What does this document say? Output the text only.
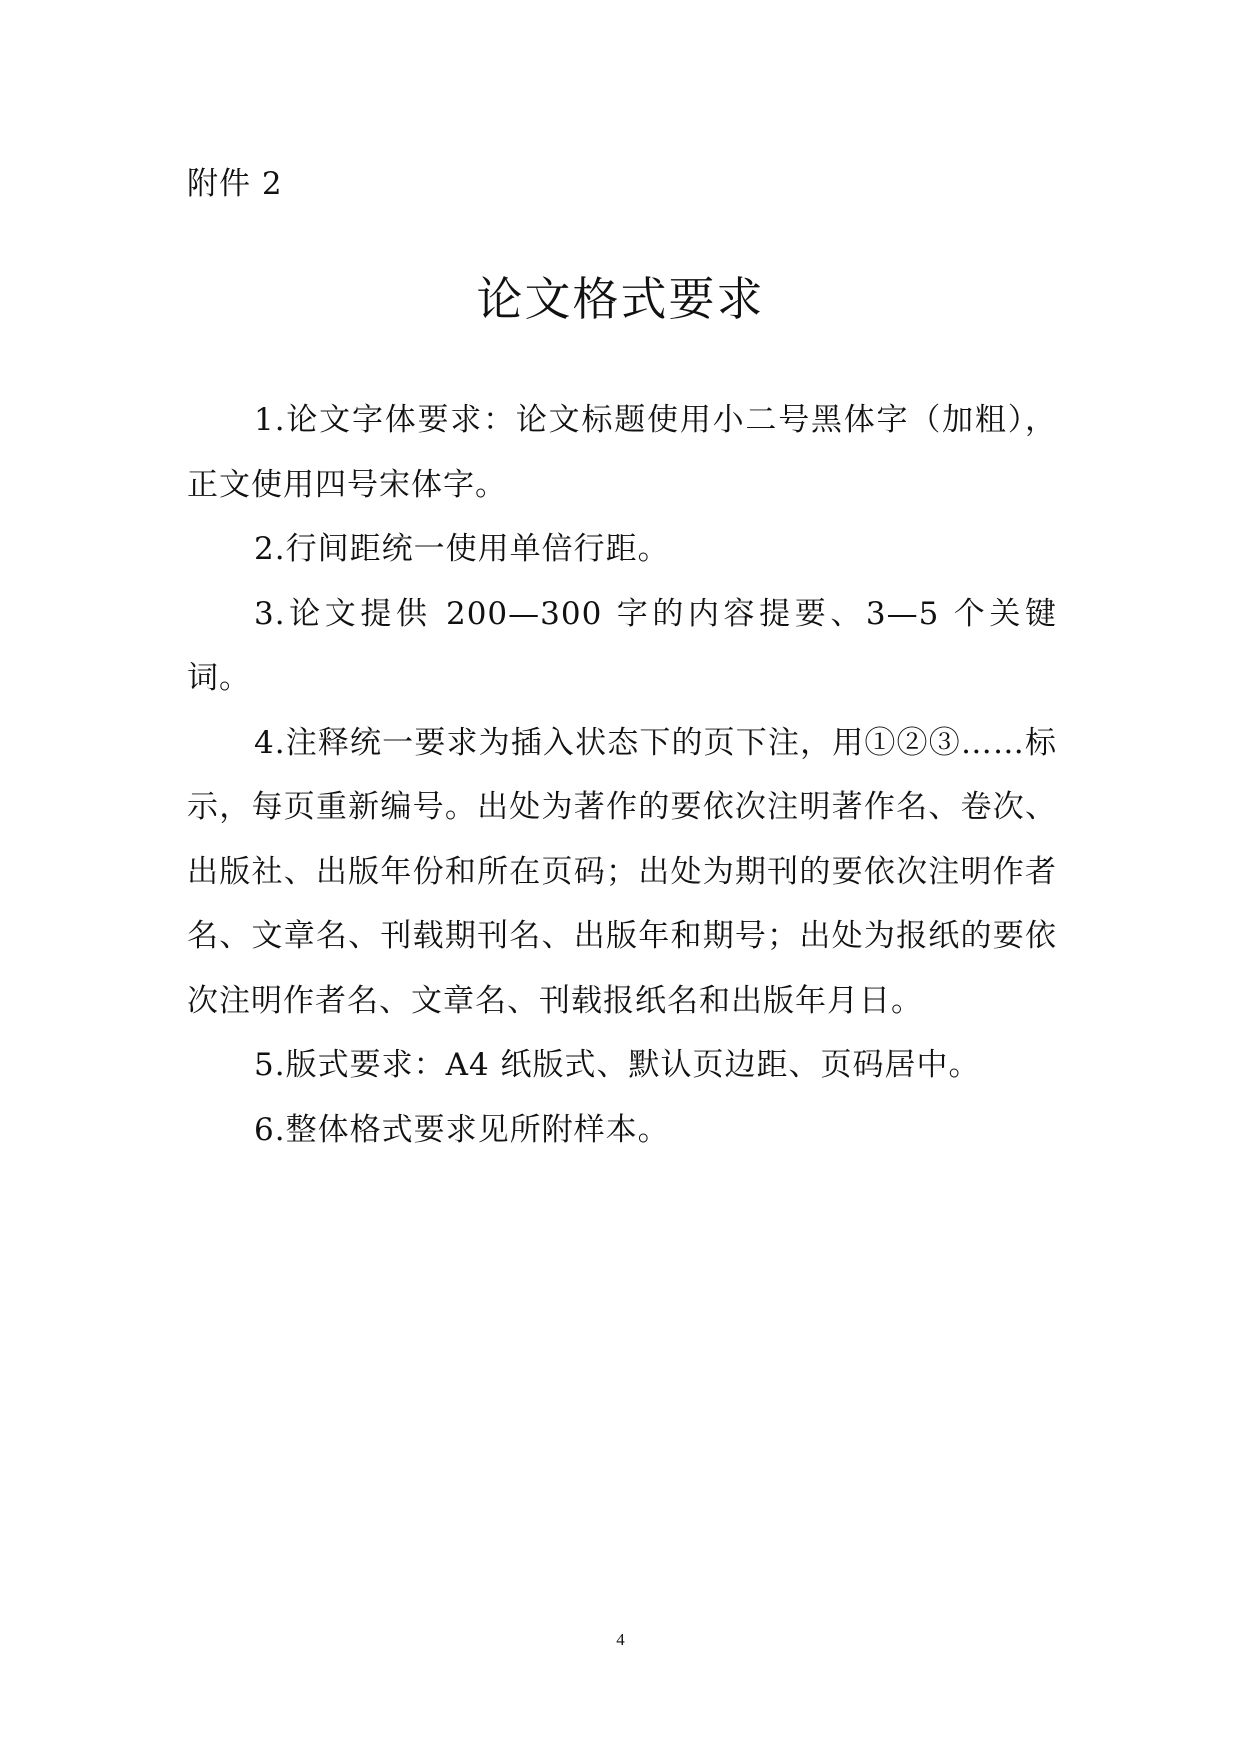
附件 2
论文格式要求

1.论文字体要求：论文标题使用小二号黑体字（加粗），正文使用四号宋体字。

2.行间距统一使用单倍行距。

3.论文提供 200—300 字的内容提要、3—5 个关键词。

4.注释统一要求为插入状态下的页下注，用①②③……标示，每页重新编号。出处为著作的要依次注明著作名、卷次、出版社、出版年份和所在页码；出处为期刊的要依次注明作者名、文章名、刊载期刊名、出版年和期号；出处为报纸的要依次注明作者名、文章名、刊载报纸名和出版年月日。

5.版式要求：A4 纸版式、默认页边距、页码居中。

6.整体格式要求见所附样本。

4
